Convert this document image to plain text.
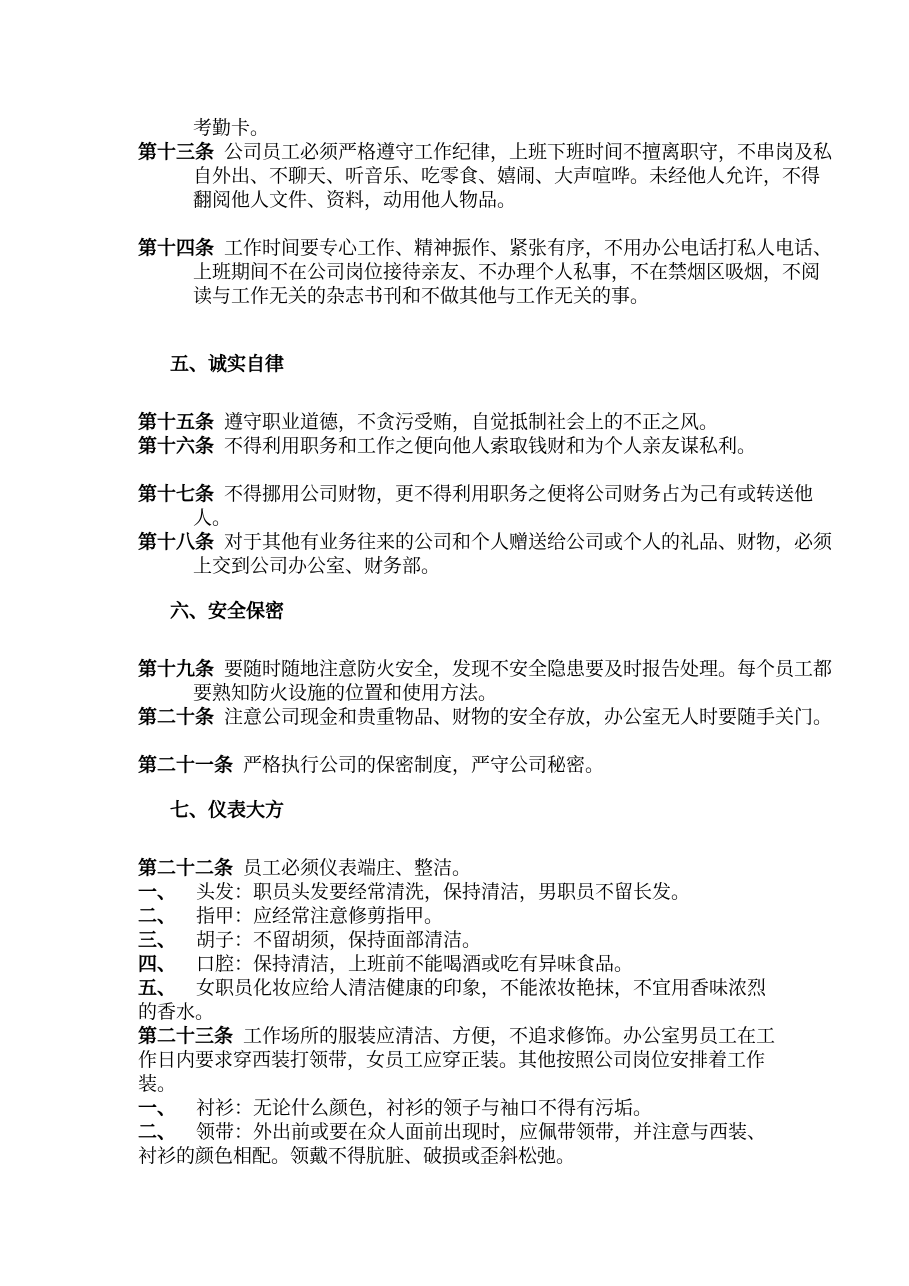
考勤卡。

第十三条 公司员工必须严格遵守工作纪律，上班下班时间不擅离职守，不串岗及私自外出、不聊天、听音乐、吃零食、嬉闹、大声喧哗。未经他人允许，不得翻阅他人文件、资料，动用他人物品。

第十四条 工作时间要专心工作、精神振作、紧张有序，不用办公电话打私人电话、上班期间不在公司岗位接待亲友、不办理个人私事，不在禁烟区吸烟，不阅读与工作无关的杂志书刊和不做其他与工作无关的事。

五、诚实自律

第十五条 遵守职业道德，不贪污受贿，自觉抵制社会上的不正之风。

第十六条 不得利用职务和工作之便向他人索取钱财和为个人亲友谋私利。

第十七条 不得挪用公司财物，更不得利用职务之便将公司财务占为己有或转送他人。

第十八条 对于其他有业务往来的公司和个人赠送给公司或个人的礼品、财物，必须上交到公司办公室、财务部。

六、安全保密

第十九条 要随时随地注意防火安全，发现不安全隐患要及时报告处理。每个员工都要熟知防火设施的位置和使用方法。

第二十条 注意公司现金和贵重物品、财物的安全存放，办公室无人时要随手关门。

第二十一条 严格执行公司的保密制度，严守公司秘密。

七、仪表大方

第二十二条 员工必须仪表端庄、整洁。

一、 头发：职员头发要经常清洗，保持清洁，男职员不留长发。

二、 指甲：应经常注意修剪指甲。

三、 胡子：不留胡须，保持面部清洁。

四、 口腔：保持清洁，上班前不能喝酒或吃有异味食品。

五、 女职员化妆应给人清洁健康的印象，不能浓妆艳抹，不宜用香味浓烈的香水。

第二十三条 工作场所的服装应清洁、方便，不追求修饰。办公室男员工在工作日内要求穿西装打领带，女员工应穿正装。其他按照公司岗位安排着工作装。

一、 衬衫：无论什么颜色，衬衫的领子与袖口不得有污垢。

二、 领带：外出前或要在众人面前出现时，应佩带领带，并注意与西装、衬衫的颜色相配。领戴不得肮脏、破损或歪斜松弛。
